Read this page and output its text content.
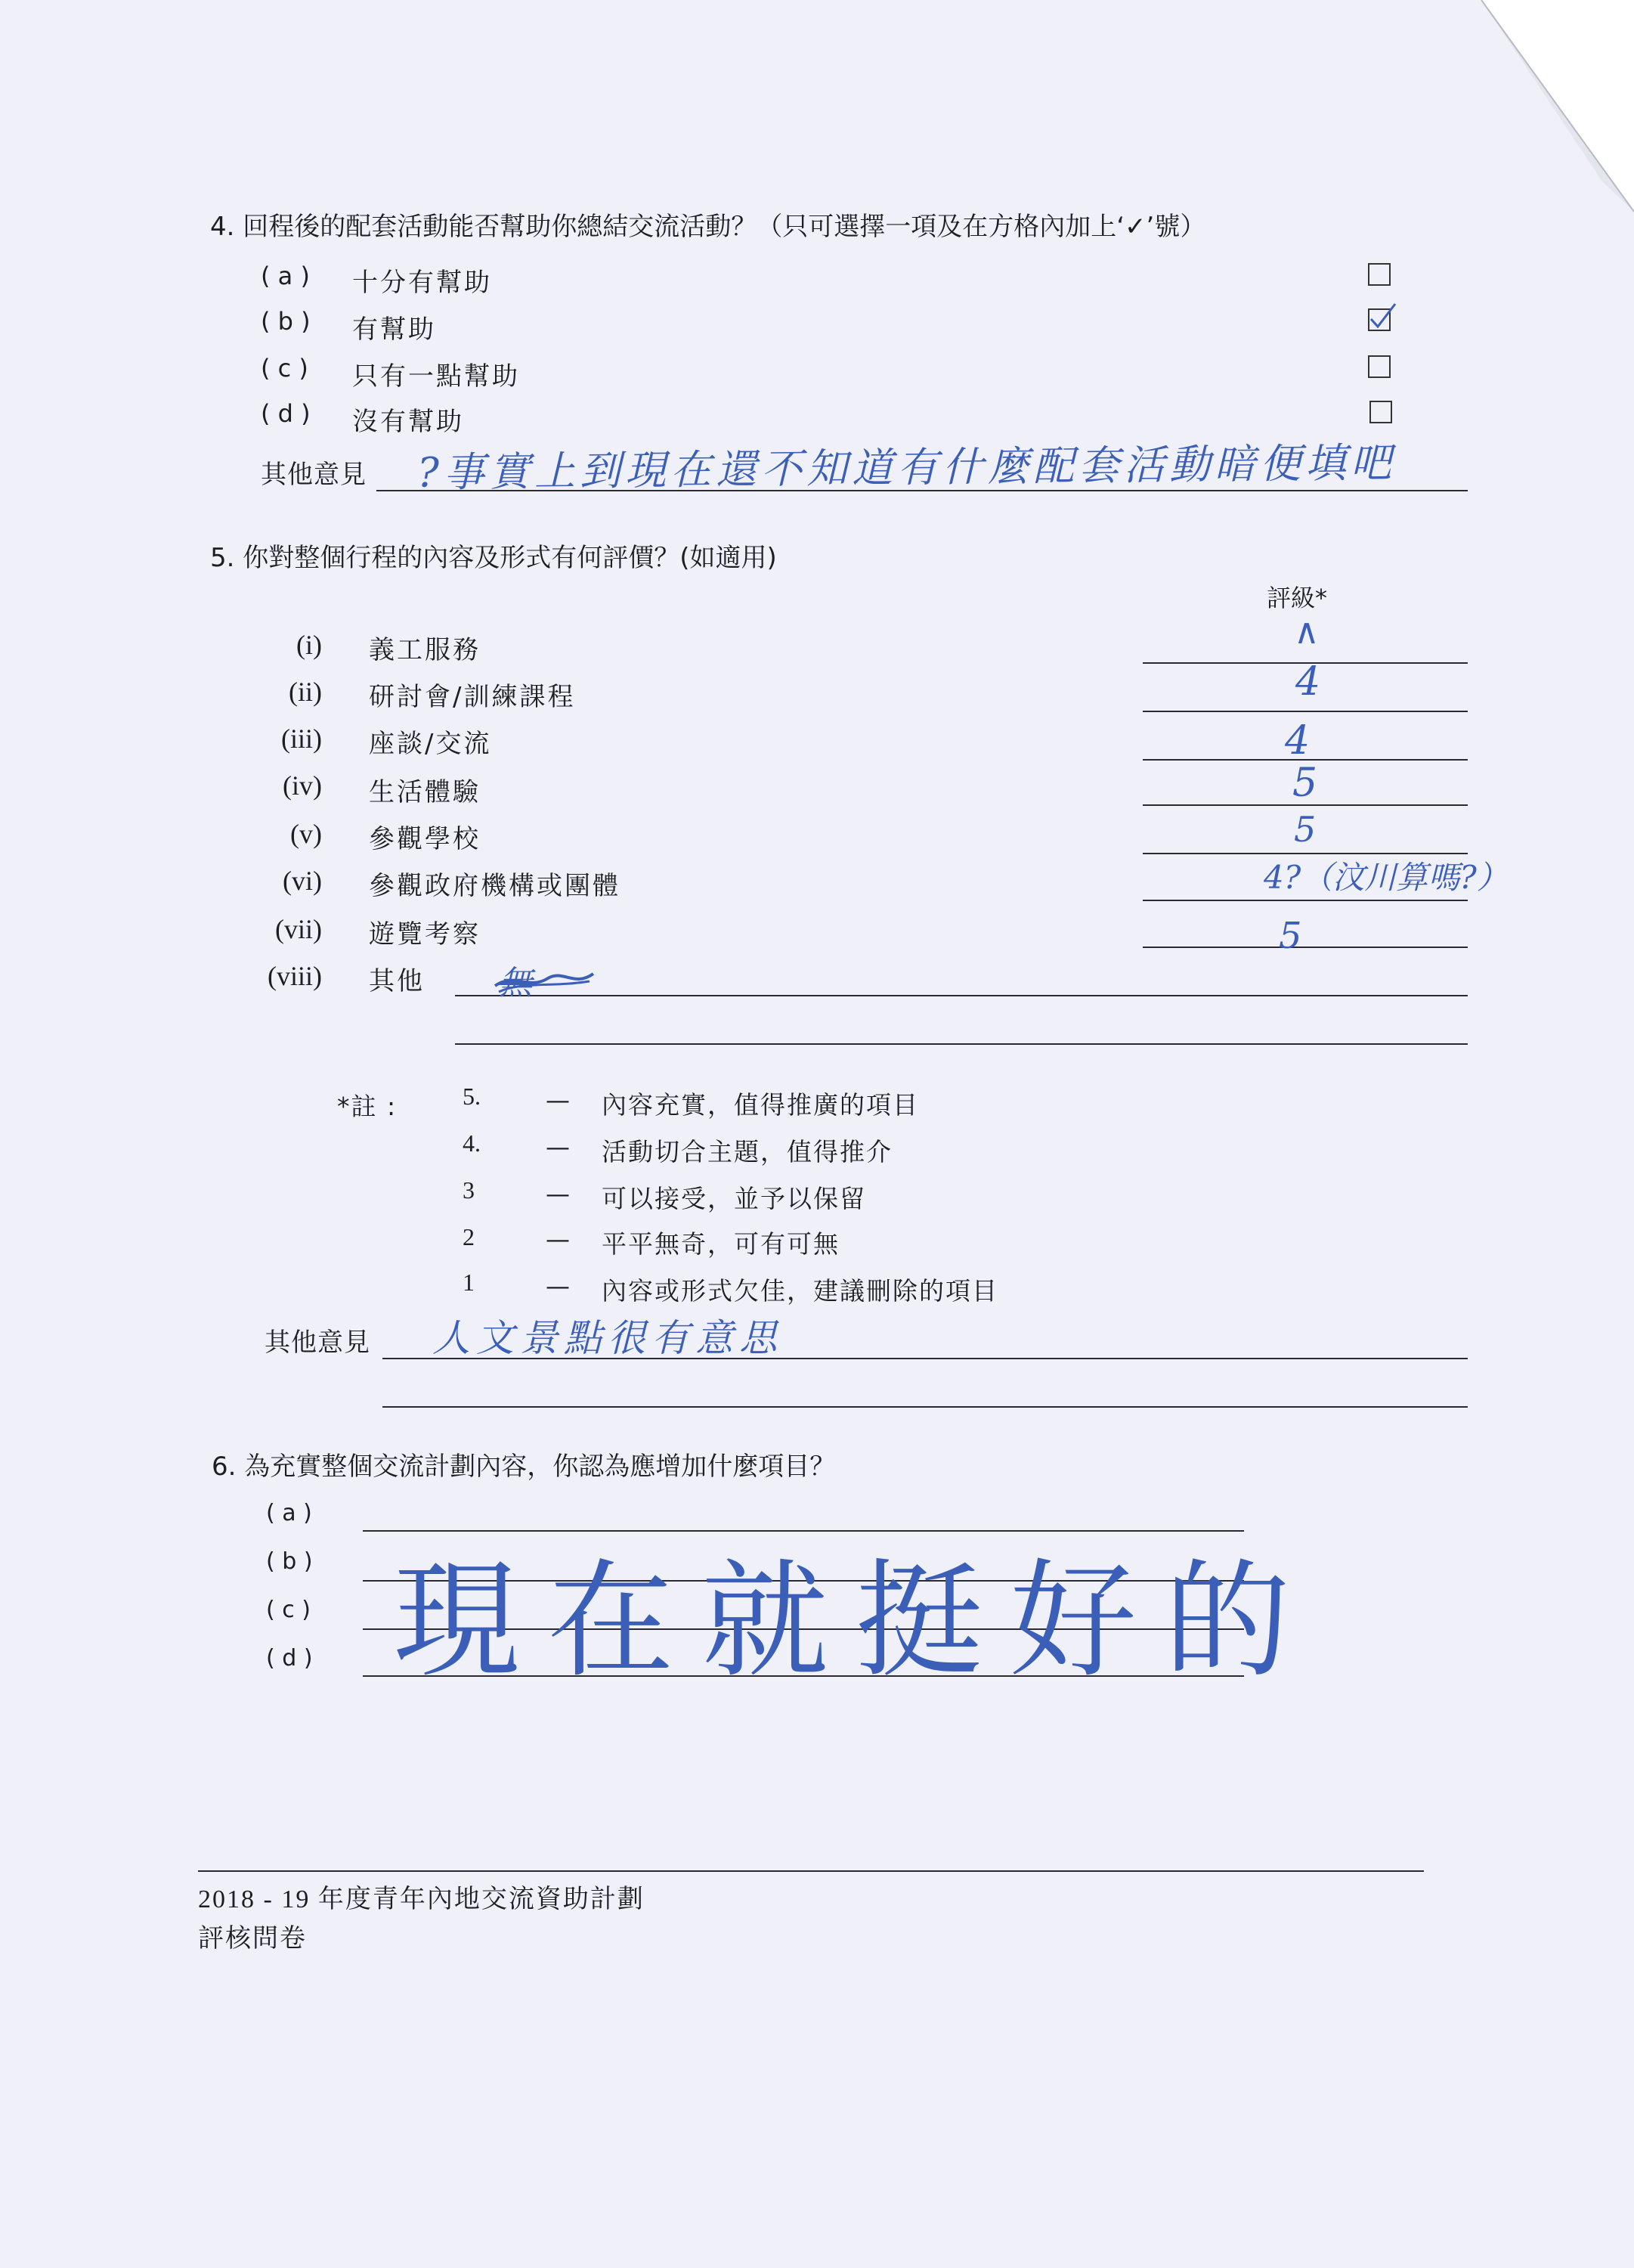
4. 回程後的配套活動能否幫助你總結交流活動？（只可選擇一項及在方格內加上‘✓’號）
( a ) 十分有幫助
( b ) 有幫助
( c ) 只有一點幫助
( d ) 沒有幫助
其他意見 ?事實上到現在還不知道有什麼配套活動暗便填吧
5. 你對整個行程的內容及形式有何評價？(如適用)
評級*
(i) 義工服務	∧
(ii) 研討會/訓練課程	4
(iii) 座談/交流	4
(iv) 生活體驗	5
(v) 參觀學校	5
(vi) 參觀政府機構或團體	4?（汶川算嗎?）
(vii) 遊覽考察	5
(viii) 其他 無
*註 :	5.	— 內容充實，值得推廣的項目
4.	— 活動切合主題，值得推介
3	— 可以接受，並予以保留
2	— 平平無奇，可有可無
1	— 內容或形式欠佳，建議刪除的項目
其他意見 人文景點很有意思
6. 為充實整個交流計劃內容，你認為應增加什麼項目？
( a )
( b )
( c )
( d ) 現在就挺好的
2018 - 19 年度青年內地交流資助計劃
評核問卷
